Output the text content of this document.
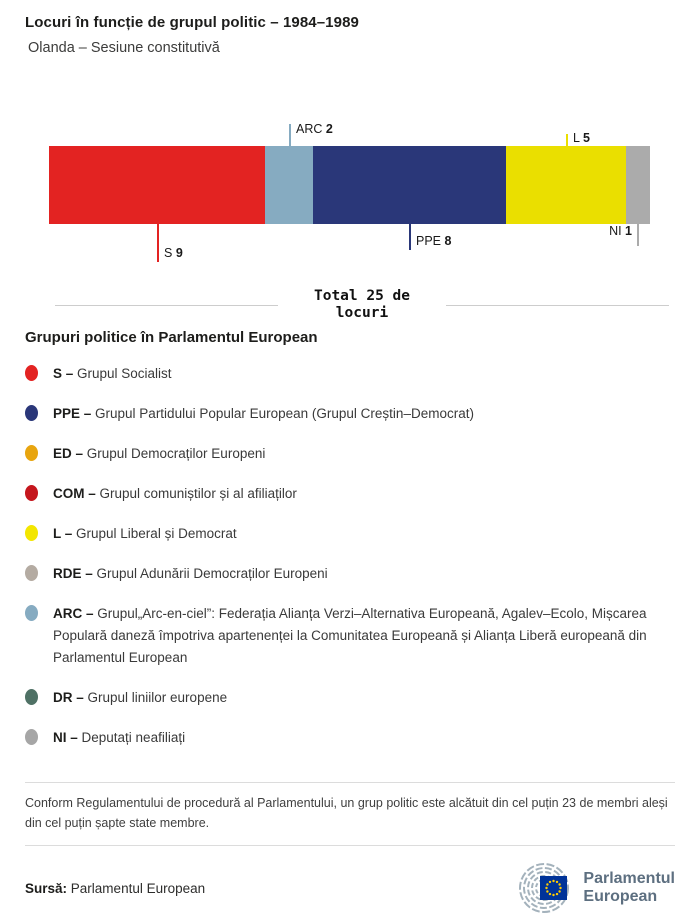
Locuri în funcție de grupul politic – 1984–1989
Olanda – Sesiune constitutivă
ARC 2
L 5
S 9
PPE 8
NI 1
Total 25 de locuri
Grupuri politice în Parlamentul European

S – Grupul Socialist

PPE – Grupul Partidului Popular European (Grupul Creștin–Democrat)

ED – Grupul Democraților Europeni

COM – Grupul comuniștilor și al afiliaților

L – Grupul Liberal și Democrat

RDE – Grupul Adunării Democraților Europeni

ARC – Grupul„Arc-en-ciel”: Federația Alianța Verzi–Alternativa Europeană, Agalev–Ecolo, Mișcarea Populară daneză împotriva apartenenței la Comunitatea Europeană și Alianța Liberă europeană din Parlamentul European

DR – Grupul liniilor europene

NI – Deputați neafiliați

Conform Regulamentului de procedură al Parlamentului, un grup politic este alcătuit din cel puțin 23 de membri aleși din cel puțin șapte state membre.

Sursă: Parlamentul European

Parlamentul
European
